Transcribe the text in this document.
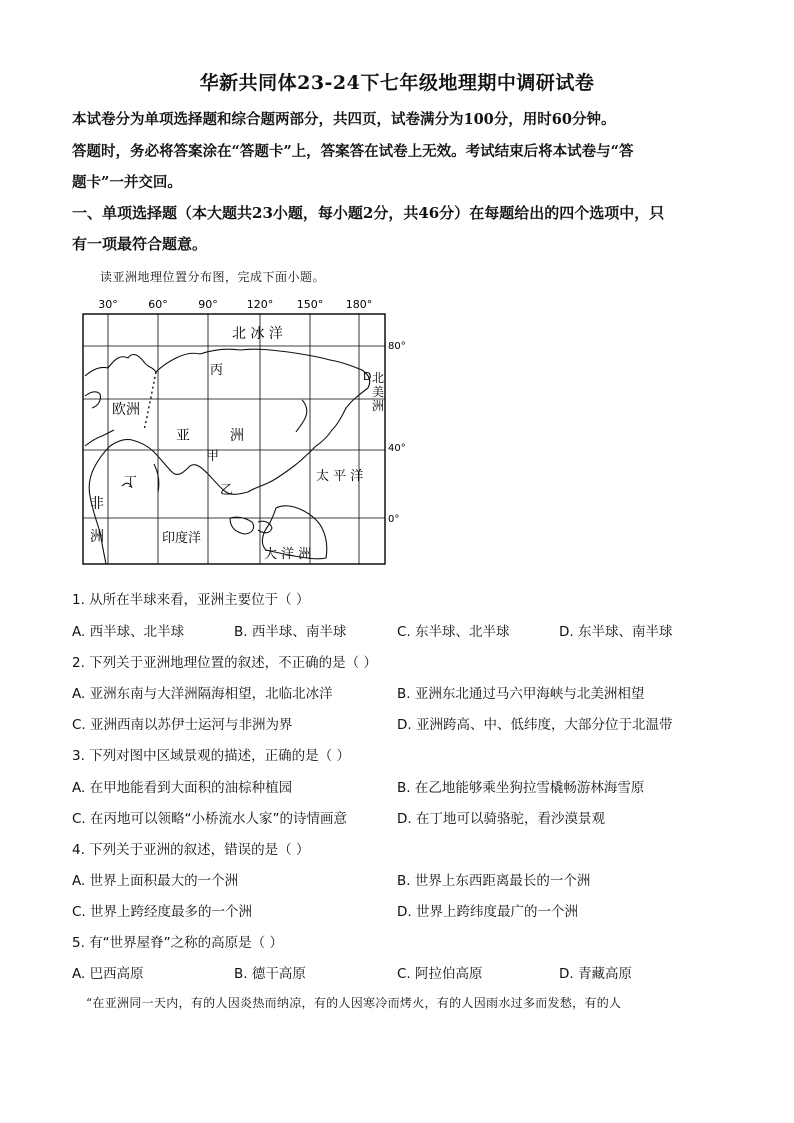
华新共同体23-24下七年级地理期中调研试卷
本试卷分为单项选择题和综合题两部分，共四页，试卷满分为100分，用时60分钟。
答题时，务必将答案涂在“答题卡”上，答案答在试卷上无效。考试结束后将本试卷与“答
题卡”一并交回。
一、单项选择题（本大题共23小题，每小题2分，共46分）在每题给出的四个选项中，只
有一项最符合题意。
读亚洲地理位置分布图，完成下面小题。
30°	60°	90°	120° 150° 180°
80°
40°
0°
北 冰 洋
丙
欧洲
亚	洲
甲
乙
丁
非
洲	印度洋
太 平 洋
大 洋 洲
D 北
美
洲
1. 从所在半球来看，亚洲主要位于（ ）
A. 西半球、北半球	B. 西半球、南半球	C. 东半球、北半球	D. 东半球、南半球
2. 下列关于亚洲地理位置的叙述，不正确的是（ ）
A. 亚洲东南与大洋洲隔海相望，北临北冰洋	B. 亚洲东北通过马六甲海峡与北美洲相望
C. 亚洲西南以苏伊士运河与非洲为界	D. 亚洲跨高、中、低纬度，大部分位于北温带
3. 下列对图中区域景观的描述，正确的是（ ）
A. 在甲地能看到大面积的油棕种植园	B. 在乙地能够乘坐狗拉雪橇畅游林海雪原
C. 在丙地可以领略“小桥流水人家”的诗情画意	D. 在丁地可以骑骆驼，看沙漠景观
4. 下列关于亚洲的叙述，错误的是（ ）
A. 世界上面积最大的一个洲	B. 世界上东西距离最长的一个洲
C. 世界上跨经度最多的一个洲	D. 世界上跨纬度最广的一个洲
5. 有“世界屋脊”之称的高原是（ ）
A. 巴西高原	B. 德干高原	C. 阿拉伯高原	D. 青藏高原
“在亚洲同一天内，有的人因炎热而纳凉，有的人因寒冷而烤火，有的人因雨水过多而发愁，有的人
